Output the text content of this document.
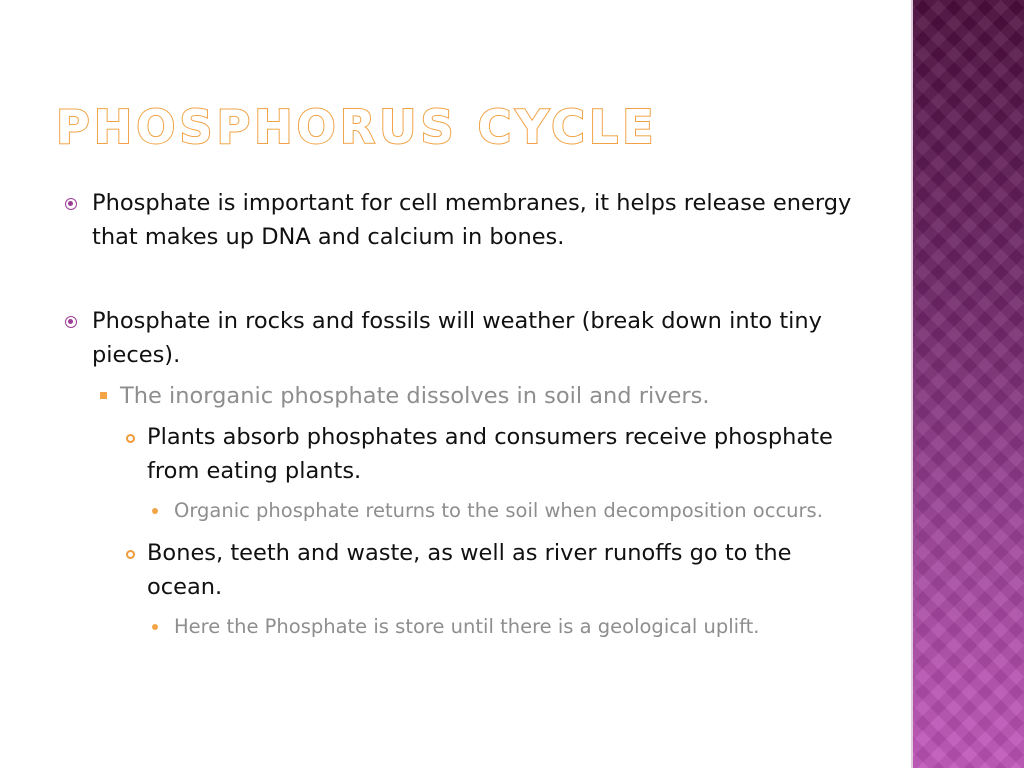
PHOSPHORUS CYCLE
Phosphate is important for cell membranes, it helps release energy that makes up DNA and calcium in bones.
Phosphate in rocks and fossils will weather (break down into tiny pieces).
The inorganic phosphate dissolves in soil and rivers.
Plants absorb phosphates and consumers receive phosphate from eating plants.
Organic phosphate returns to the soil when decomposition occurs.
Bones, teeth and waste, as well as river runoffs go to the ocean.
Here the Phosphate is store until there is a geological uplift.
